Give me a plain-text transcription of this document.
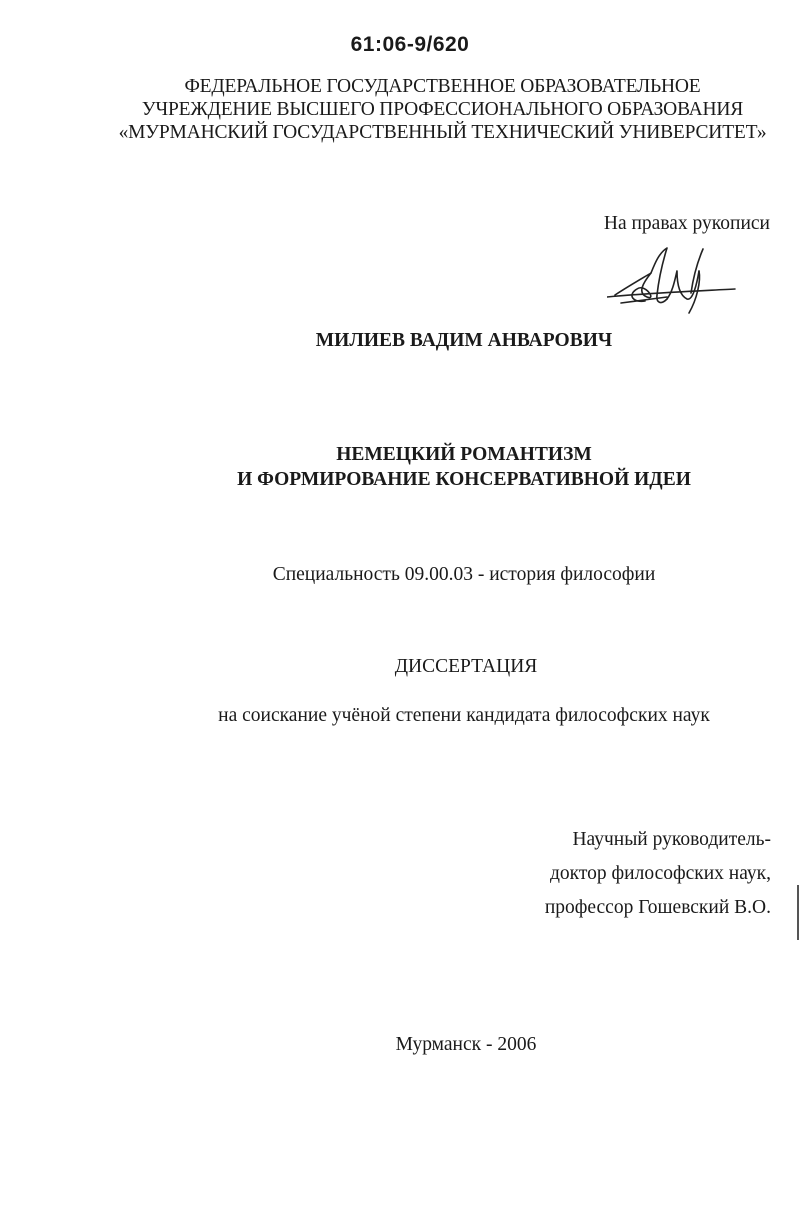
61:06-9/620
ФЕДЕРАЛЬНОЕ ГОСУДАРСТВЕННОЕ ОБРАЗОВАТЕЛЬНОЕ
УЧРЕЖДЕНИЕ ВЫСШЕГО ПРОФЕССИОНАЛЬНОГО ОБРАЗОВАНИЯ
«МУРМАНСКИЙ ГОСУДАРСТВЕННЫЙ ТЕХНИЧЕСКИЙ УНИВЕРСИТЕТ»
На правах рукописи
МИЛИЕВ ВАДИМ АНВАРОВИЧ
НЕМЕЦКИЙ РОМАНТИЗМ
И ФОРМИРОВАНИЕ КОНСЕРВАТИВНОЙ ИДЕИ
Специальность 09.00.03 - история философии
ДИССЕРТАЦИЯ
на соискание учёной степени кандидата философских наук
Научный руководитель-
доктор философских наук,
профессор Гошевский В.О.
Мурманск - 2006
